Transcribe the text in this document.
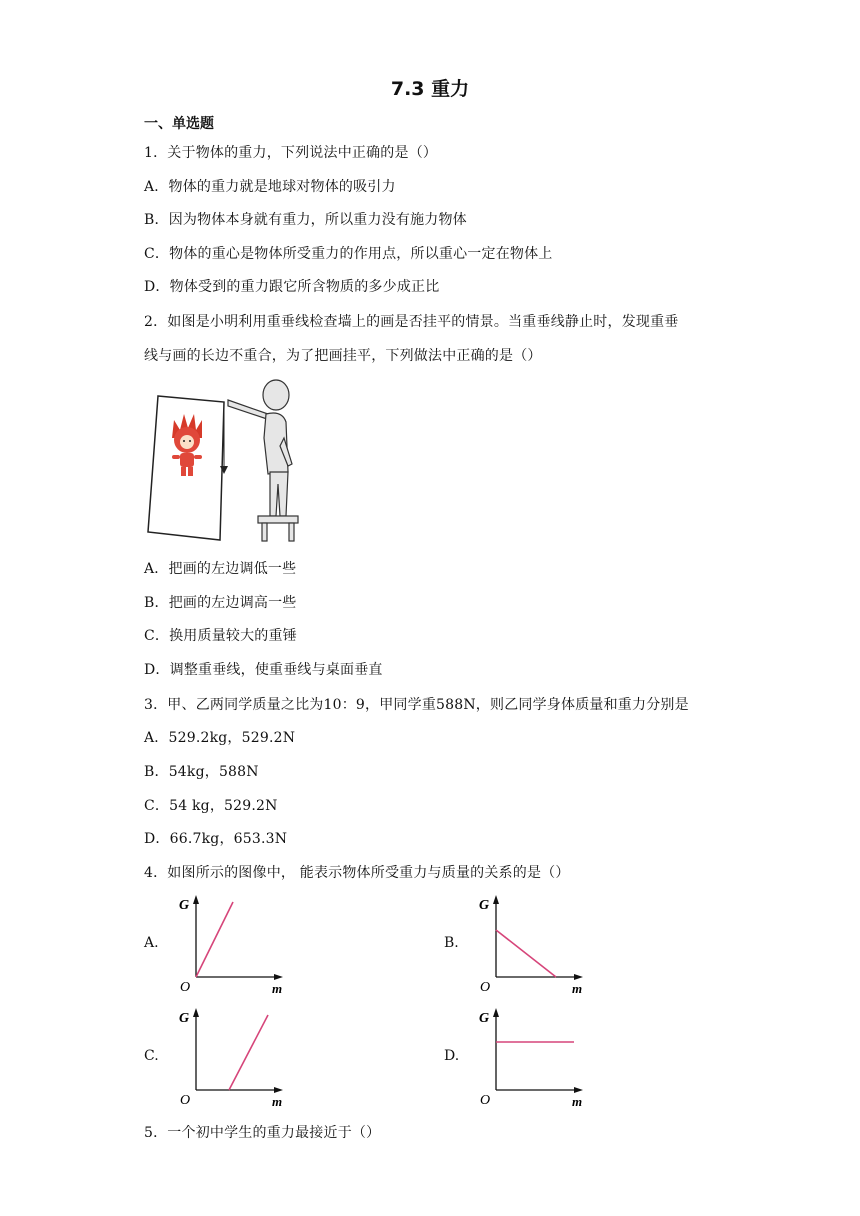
7.3 重力
一、单选题
1．关于物体的重力，下列说法中正确的是（）
A．物体的重力就是地球对物体的吸引力
B．因为物体本身就有重力，所以重力没有施力物体
C．物体的重心是物体所受重力的作用点，所以重心一定在物体上
D．物体受到的重力跟它所含物质的多少成正比
2．如图是小明利用重垂线检查墙上的画是否挂平的情景。当重垂线静止时，发现重垂
线与画的长边不重合，为了把画挂平，下列做法中正确的是（）
A．把画的左边调低一些
B．把画的左边调高一些
C．换用质量较大的重锤
D．调整重垂线，使重垂线与桌面垂直
3．甲、乙两同学质量之比为10：9，甲同学重588N，则乙同学身体质量和重力分别是
A．529.2kg，529.2N
B．54kg，588N
C．54 kg，529.2N
D．66.7kg，653.3N
4．如图所示的图像中， 能表示物体所受重力与质量的关系的是（）
A.	B.
C.	D.
G
O	m
G
O	m
G
O	m
G
O	m
5．一个初中学生的重力最接近于（）
